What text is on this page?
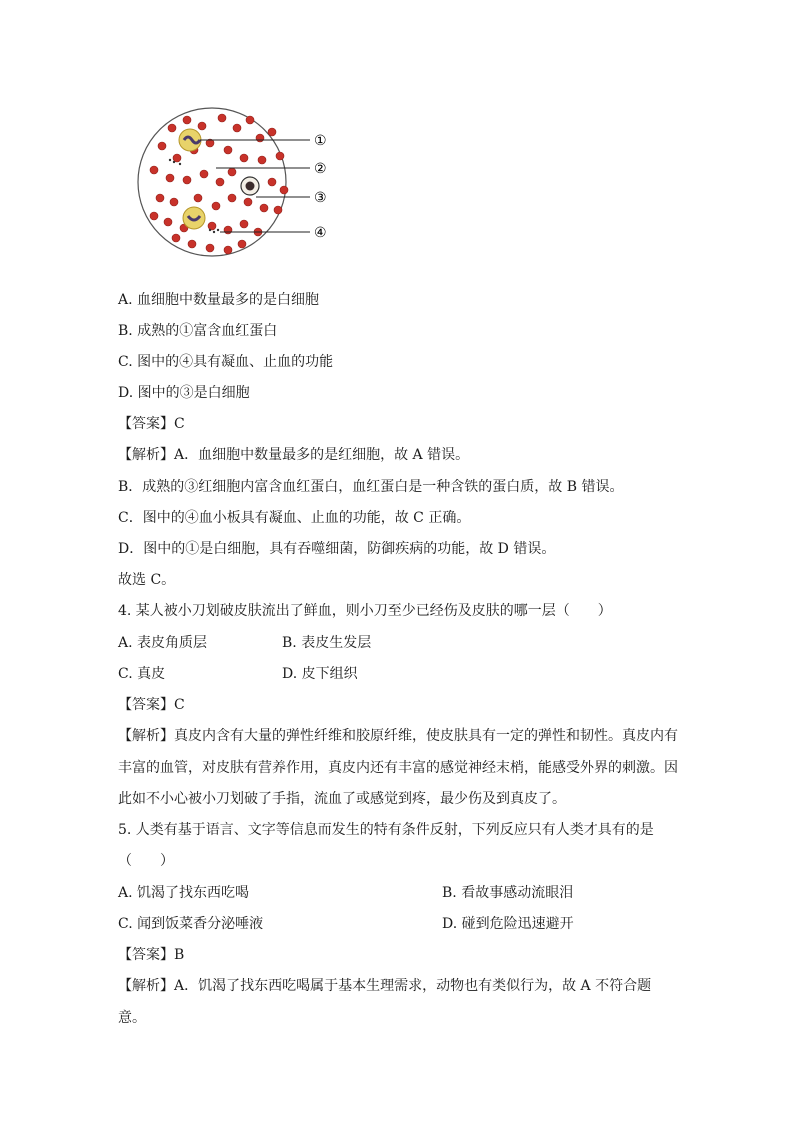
①
②
③
④
A. 血细胞中数量最多的是白细胞
B. 成熟的①富含血红蛋白
C. 图中的④具有凝血、止血的功能
D. 图中的③是白细胞
【答案】C
【解析】A．血细胞中数量最多的是红细胞，故 A 错误。
B．成熟的③红细胞内富含血红蛋白，血红蛋白是一种含铁的蛋白质，故 B 错误。
C．图中的④血小板具有凝血、止血的功能，故 C 正确。
D．图中的①是白细胞，具有吞噬细菌，防御疾病的功能，故 D 错误。
故选 C。
4. 某人被小刀划破皮肤流出了鲜血，则小刀至少已经伤及皮肤的哪一层（　　）
A. 表皮角质层	B. 表皮生发层
C. 真皮	D. 皮下组织
【答案】C
【解析】真皮内含有大量的弹性纤维和胶原纤维，使皮肤具有一定的弹性和韧性。真皮内有
丰富的血管，对皮肤有营养作用，真皮内还有丰富的感觉神经末梢，能感受外界的刺激。因
此如不小心被小刀划破了手指，流血了或感觉到疼，最少伤及到真皮了。
5. 人类有基于语言、文字等信息而发生的特有条件反射，下列反应只有人类才具有的是
（　　）
A. 饥渴了找东西吃喝	B. 看故事感动流眼泪
C. 闻到饭菜香分泌唾液	D. 碰到危险迅速避开
【答案】B
【解析】A．饥渴了找东西吃喝属于基本生理需求，动物也有类似行为，故 A 不符合题
意。
